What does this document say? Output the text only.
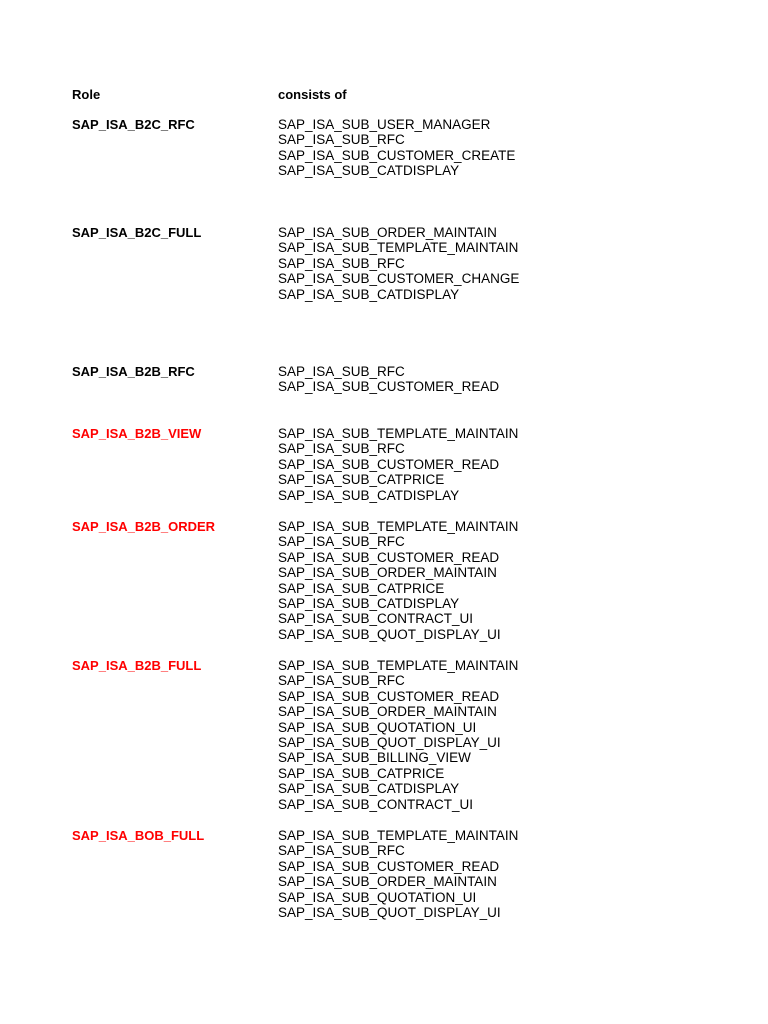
Role	consists of
SAP_ISA_B2C_RFC	SAP_ISA_SUB_USER_MANAGER
SAP_ISA_SUB_RFC
SAP_ISA_SUB_CUSTOMER_CREATE
SAP_ISA_SUB_CATDISPLAY
SAP_ISA_B2C_FULL	SAP_ISA_SUB_ORDER_MAINTAIN
SAP_ISA_SUB_TEMPLATE_MAINTAIN
SAP_ISA_SUB_RFC
SAP_ISA_SUB_CUSTOMER_CHANGE
SAP_ISA_SUB_CATDISPLAY
SAP_ISA_B2B_RFC	SAP_ISA_SUB_RFC
SAP_ISA_SUB_CUSTOMER_READ
SAP_ISA_B2B_VIEW	SAP_ISA_SUB_TEMPLATE_MAINTAIN
SAP_ISA_SUB_RFC
SAP_ISA_SUB_CUSTOMER_READ
SAP_ISA_SUB_CATPRICE
SAP_ISA_SUB_CATDISPLAY
SAP_ISA_B2B_ORDER	SAP_ISA_SUB_TEMPLATE_MAINTAIN
SAP_ISA_SUB_RFC
SAP_ISA_SUB_CUSTOMER_READ
SAP_ISA_SUB_ORDER_MAINTAIN
SAP_ISA_SUB_CATPRICE
SAP_ISA_SUB_CATDISPLAY
SAP_ISA_SUB_CONTRACT_UI
SAP_ISA_SUB_QUOT_DISPLAY_UI
SAP_ISA_B2B_FULL	SAP_ISA_SUB_TEMPLATE_MAINTAIN
SAP_ISA_SUB_RFC
SAP_ISA_SUB_CUSTOMER_READ
SAP_ISA_SUB_ORDER_MAINTAIN
SAP_ISA_SUB_QUOTATION_UI
SAP_ISA_SUB_QUOT_DISPLAY_UI
SAP_ISA_SUB_BILLING_VIEW
SAP_ISA_SUB_CATPRICE
SAP_ISA_SUB_CATDISPLAY
SAP_ISA_SUB_CONTRACT_UI
SAP_ISA_BOB_FULL	SAP_ISA_SUB_TEMPLATE_MAINTAIN
SAP_ISA_SUB_RFC
SAP_ISA_SUB_CUSTOMER_READ
SAP_ISA_SUB_ORDER_MAINTAIN
SAP_ISA_SUB_QUOTATION_UI
SAP_ISA_SUB_QUOT_DISPLAY_UI
